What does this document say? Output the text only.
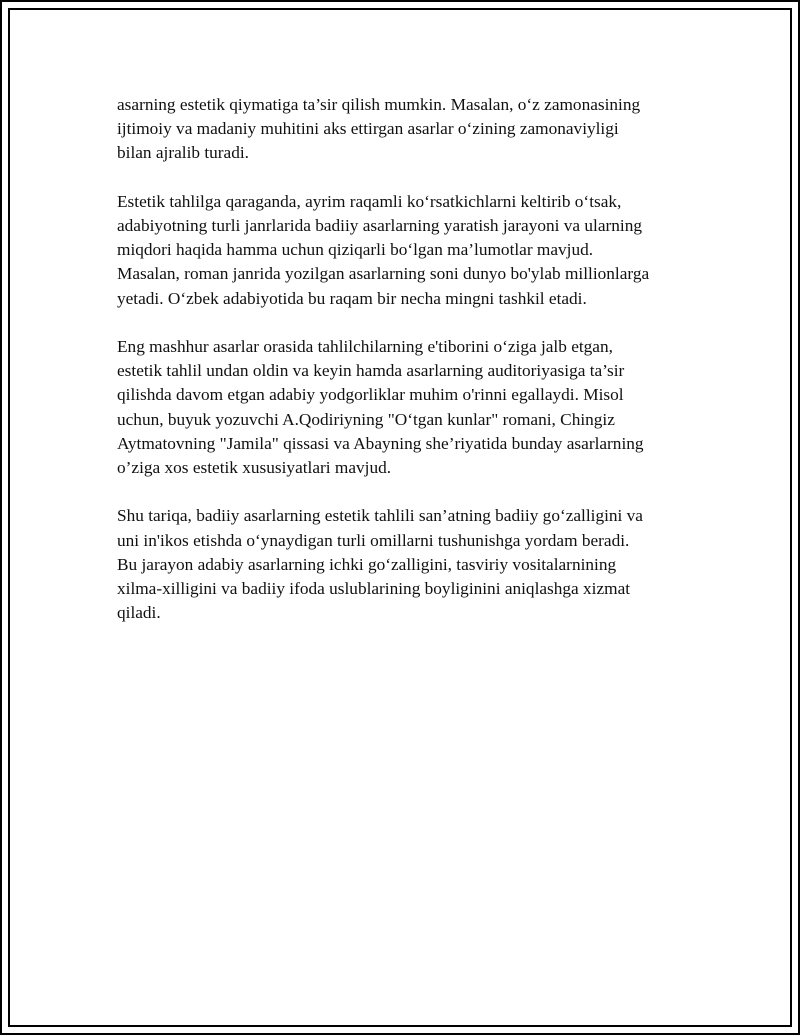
asarning estetik qiymatiga ta’sir qilish mumkin. Masalan, o‘z zamonasining
ijtimoiy va madaniy muhitini aks ettirgan asarlar o‘zining zamonaviyligi
bilan ajralib turadi.

Estetik tahlilga qaraganda, ayrim raqamli ko‘rsatkichlarni keltirib o‘tsak,
adabiyotning turli janrlarida badiiy asarlarning yaratish jarayoni va ularning
miqdori haqida hamma uchun qiziqarli bo‘lgan ma’lumotlar mavjud.
Masalan, roman janrida yozilgan asarlarning soni dunyo bo'ylab millionlarga
yetadi. O‘zbek adabiyotida bu raqam bir necha mingni tashkil etadi.

Eng mashhur asarlar orasida tahlilchilarning e'tiborini o‘ziga jalb etgan,
estetik tahlil undan oldin va keyin hamda asarlarning auditoriyasiga ta’sir
qilishda davom etgan adabiy yodgorliklar muhim o'rinni egallaydi. Misol
uchun, buyuk yozuvchi A.Qodiriyning "O‘tgan kunlar" romani, Chingiz
Aytmatovning "Jamila" qissasi va Abayning she’riyatida bunday asarlarning
o’ziga xos estetik xususiyatlari mavjud.

Shu tariqa, badiiy asarlarning estetik tahlili san’atning badiiy go‘zalligini va
uni in'ikos etishda o‘ynaydigan turli omillarni tushunishga yordam beradi.
Bu jarayon adabiy asarlarning ichki go‘zalligini, tasviriy vositalarnining
xilma-xilligini va badiiy ifoda uslublarining boyliginini aniqlashga xizmat
qiladi.
